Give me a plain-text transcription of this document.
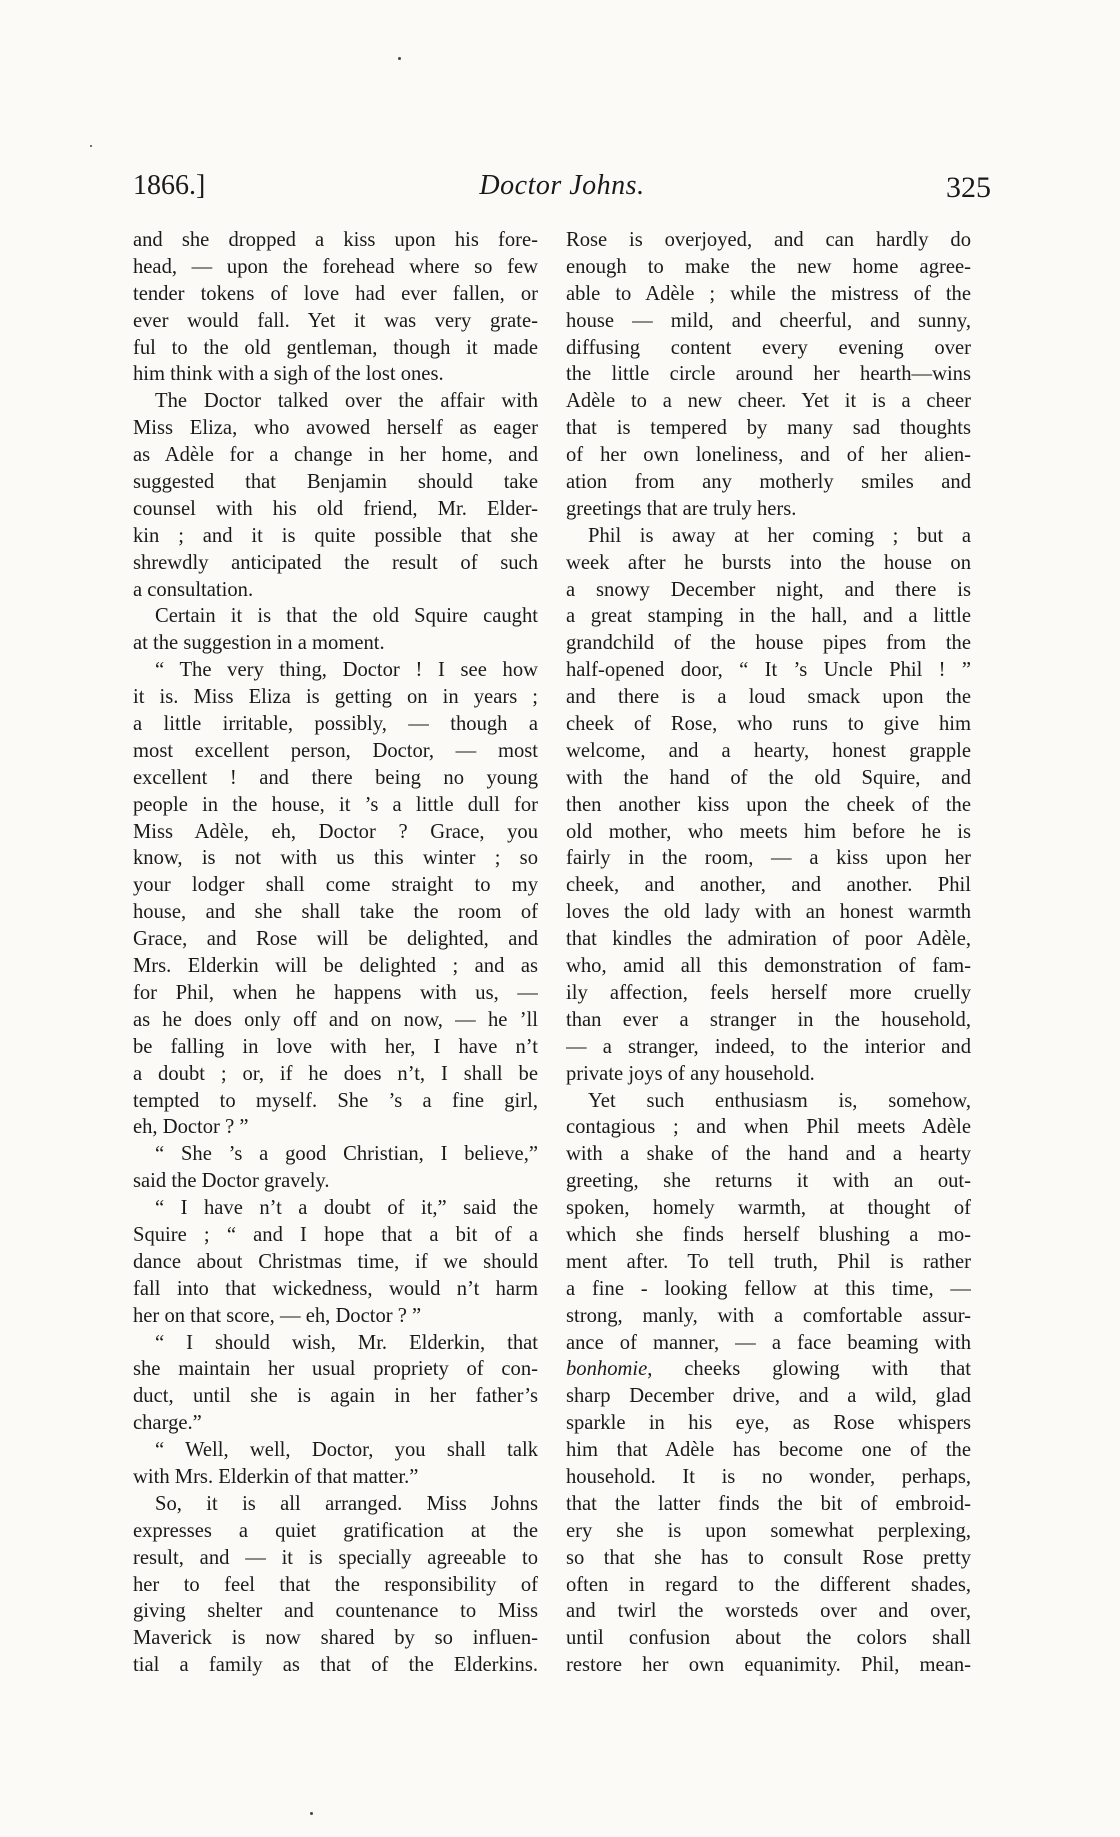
1866.]	Doctor Johns.	325
and she dropped a kiss upon his fore-
head, — upon the forehead where so few
tender tokens of love had ever fallen, or
ever would fall. Yet it was very grate-
ful to the old gentleman, though it made
him think with a sigh of the lost ones.
The Doctor talked over the affair with
Miss Eliza, who avowed herself as eager
as Adèle for a change in her home, and
suggested that Benjamin should take
counsel with his old friend, Mr. Elder-
kin ; and it is quite possible that she
shrewdly anticipated the result of such
a consultation.
Certain it is that the old Squire caught
at the suggestion in a moment.
“ The very thing, Doctor ! I see how
it is. Miss Eliza is getting on in years ;
a little irritable, possibly, — though a
most excellent person, Doctor, — most
excellent ! and there being no young
people in the house, it ’s a little dull for
Miss Adèle, eh, Doctor ? Grace, you
know, is not with us this winter ; so
your lodger shall come straight to my
house, and she shall take the room of
Grace, and Rose will be delighted, and
Mrs. Elderkin will be delighted ; and as
for Phil, when he happens with us, —
as he does only off and on now, — he ’ll
be falling in love with her, I have n’t
a doubt ; or, if he does n’t, I shall be
tempted to myself. She ’s a fine girl,
eh, Doctor ? ”
“ She ’s a good Christian, I believe,”
said the Doctor gravely.
“ I have n’t a doubt of it,” said the
Squire ; “ and I hope that a bit of a
dance about Christmas time, if we should
fall into that wickedness, would n’t harm
her on that score, — eh, Doctor ? ”
“ I should wish, Mr. Elderkin, that
she maintain her usual propriety of con-
duct, until she is again in her father’s
charge.”
“ Well, well, Doctor, you shall talk
with Mrs. Elderkin of that matter.”
So, it is all arranged. Miss Johns
expresses a quiet gratification at the
result, and — it is specially agreeable to
her to feel that the responsibility of
giving shelter and countenance to Miss
Maverick is now shared by so influen-
tial a family as that of the Elderkins.
Rose is overjoyed, and can hardly do
enough to make the new home agree-
able to Adèle ; while the mistress of the
house — mild, and cheerful, and sunny,
diffusing content every evening over
the little circle around her hearth—wins
Adèle to a new cheer. Yet it is a cheer
that is tempered by many sad thoughts
of her own loneliness, and of her alien-
ation from any motherly smiles and
greetings that are truly hers.
Phil is away at her coming ; but a
week after he bursts into the house on
a snowy December night, and there is
a great stamping in the hall, and a little
grandchild of the house pipes from the
half-opened door, “ It ’s Uncle Phil ! ”
and there is a loud smack upon the
cheek of Rose, who runs to give him
welcome, and a hearty, honest grapple
with the hand of the old Squire, and
then another kiss upon the cheek of the
old mother, who meets him before he is
fairly in the room, — a kiss upon her
cheek, and another, and another. Phil
loves the old lady with an honest warmth
that kindles the admiration of poor Adèle,
who, amid all this demonstration of fam-
ily affection, feels herself more cruelly
than ever a stranger in the household,
— a stranger, indeed, to the interior and
private joys of any household.
Yet such enthusiasm is, somehow,
contagious ; and when Phil meets Adèle
with a shake of the hand and a hearty
greeting, she returns it with an out-
spoken, homely warmth, at thought of
which she finds herself blushing a mo-
ment after. To tell truth, Phil is rather
a fine - looking fellow at this time, —
strong, manly, with a comfortable assur-
ance of manner, — a face beaming with
bonhomie, cheeks glowing with that
sharp December drive, and a wild, glad
sparkle in his eye, as Rose whispers
him that Adèle has become one of the
household. It is no wonder, perhaps,
that the latter finds the bit of embroid-
ery she is upon somewhat perplexing,
so that she has to consult Rose pretty
often in regard to the different shades,
and twirl the worsteds over and over,
until confusion about the colors shall
restore her own equanimity. Phil, mean-
